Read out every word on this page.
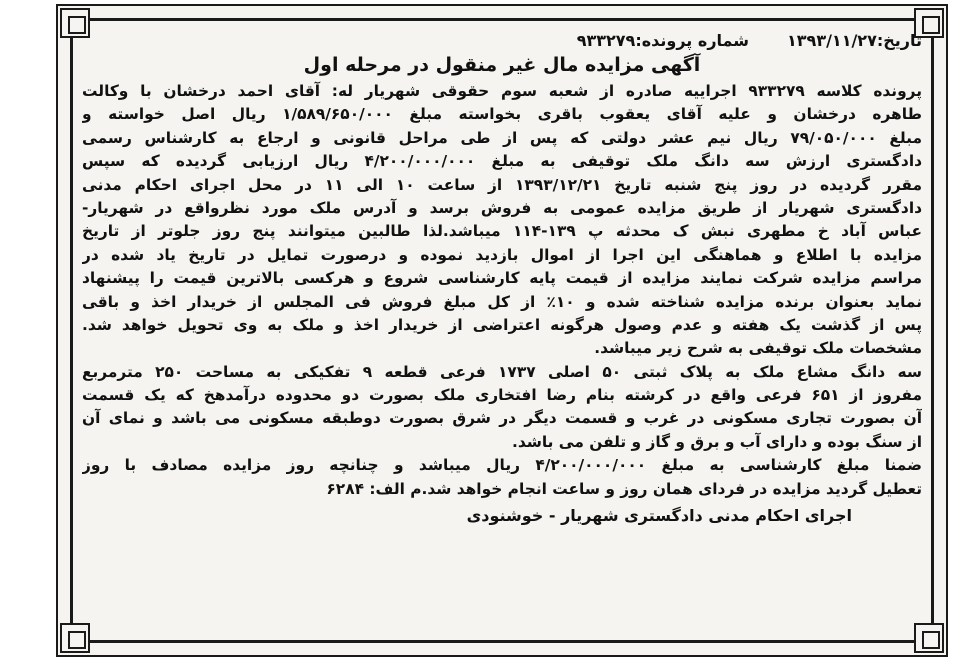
تاریخ:۱۳۹۳/۱۱/۲۷
شماره پرونده:۹۳۳۲۷۹
آگهی مزایده مال غیر منقول در مرحله اول
پرونده کلاسه ۹۳۳۲۷۹ اجراییه صادره از شعبه سوم حقوقی شهریار له: آقای احمد درخشان با وکالت
طاهره درخشان و علیه آقای یعقوب باقری بخواسته مبلغ ۱/۵۸۹/۶۵۰/۰۰۰ ریال اصل خواسته و
مبلغ ۷۹/۰۵۰/۰۰۰ ریال نیم عشر دولتی که پس از طی مراحل قانونی و ارجاع به کارشناس رسمی
دادگستری ارزش سه دانگ ملک توقیفی به مبلغ ۴/۲۰۰/۰۰۰/۰۰۰ ریال ارزیابی گردیده که سپس
مقرر گردیده در روز پنج شنبه تاریخ ۱۳۹۳/۱۲/۲۱ از ساعت ۱۰ الی ۱۱ در محل اجرای احکام مدنی
دادگستری شهریار از طریق مزایده عمومی به فروش برسد و آدرس ملک مورد نظرواقع در شهریار-
عباس آباد خ مطهری نبش ک محدثه پ ۱۳۹-۱۱۴ میباشد.لذا طالبین میتوانند پنج روز جلوتر از تاریخ
مزایده با اطلاع و هماهنگی این اجرا از اموال بازدید نموده و درصورت تمایل در تاریخ یاد شده در
مراسم مزایده شرکت نمایند مزایده از قیمت پایه کارشناسی شروع و هرکسی بالاترین قیمت را پیشنهاد
نماید بعنوان برنده مزایده شناخته شده و ۱۰٪ از کل مبلغ فروش فی المجلس از خریدار اخذ و باقی
پس از گذشت یک هفته و عدم وصول هرگونه اعتراضی از خریدار اخذ و ملک به وی تحویل خواهد شد.
مشخصات ملک توقیفی به شرح زیر میباشد.
سه دانگ مشاع ملک به پلاک ثبتی ۵۰ اصلی ۱۷۳۷ فرعی قطعه ۹ تفکیکی به مساحت ۲۵۰ مترمربع
مفروز از ۶۵۱ فرعی واقع در کرشته بنام رضا افتخاری ملک بصورت دو محدوده درآمدهخ که یک قسمت
آن بصورت تجاری مسکونی در غرب و قسمت دیگر در شرق بصورت دوطبقه مسکونی می باشد و نمای آن
از سنگ بوده و دارای آب و برق و گاز و تلفن می باشد.
ضمنا مبلغ کارشناسی به مبلغ ۴/۲۰۰/۰۰۰/۰۰۰ ریال میباشد و چنانچه روز مزایده مصادف با روز
تعطیل گردید مزایده در فردای همان روز و ساعت انجام خواهد شد.م الف: ۶۲۸۴
اجرای احکام مدنی دادگستری شهریار - خوشنودی
